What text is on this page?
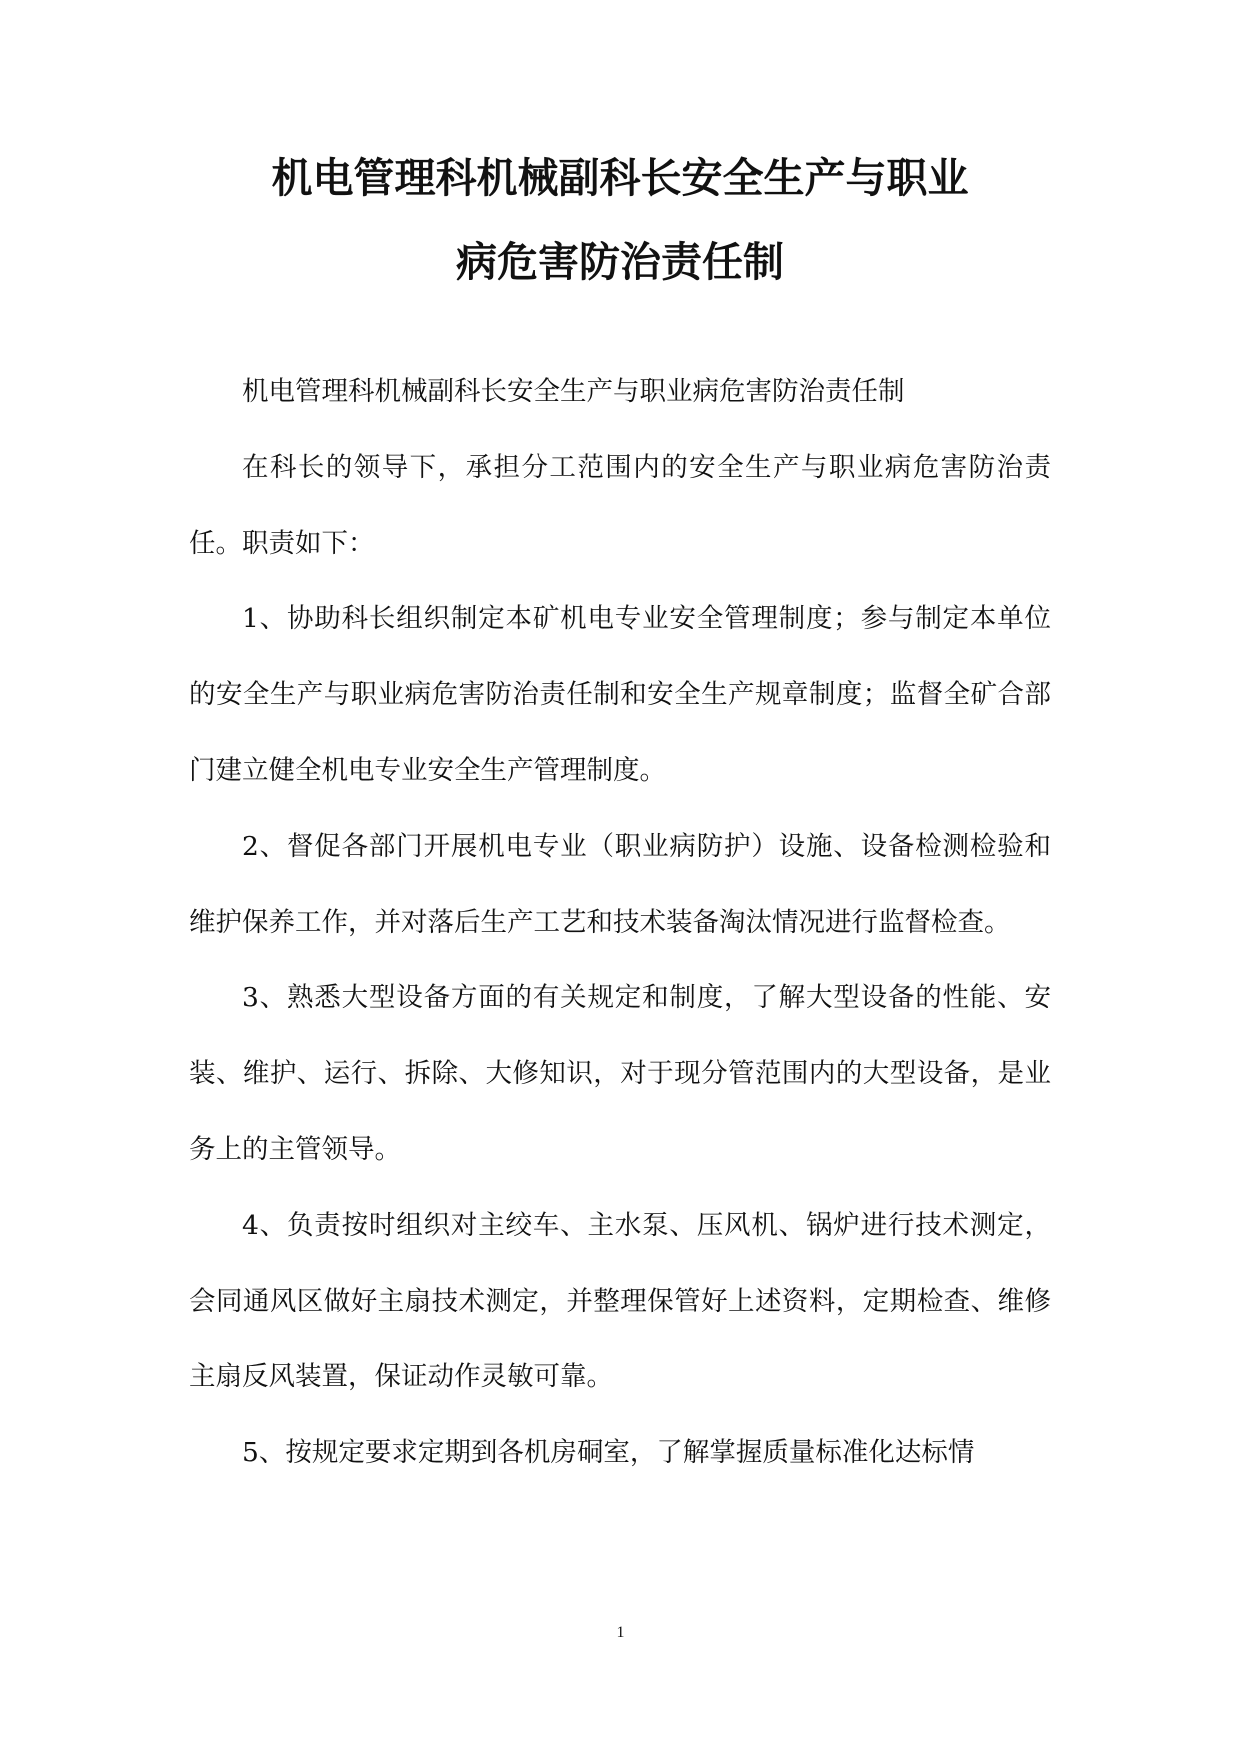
机电管理科机械副科长安全生产与职业
病危害防治责任制

机电管理科机械副科长安全生产与职业病危害防治责任制

在科长的领导下，承担分工范围内的安全生产与职业病危害防治责任。职责如下：

1、协助科长组织制定本矿机电专业安全管理制度；参与制定本单位的安全生产与职业病危害防治责任制和安全生产规章制度；监督全矿合部门建立健全机电专业安全生产管理制度。

2、督促各部门开展机电专业（职业病防护）设施、设备检测检验和维护保养工作，并对落后生产工艺和技术装备淘汰情况进行监督检查。

3、熟悉大型设备方面的有关规定和制度，了解大型设备的性能、安装、维护、运行、拆除、大修知识，对于现分管范围内的大型设备，是业务上的主管领导。

4、负责按时组织对主绞车、主水泵、压风机、锅炉进行技术测定，会同通风区做好主扇技术测定，并整理保管好上述资料，定期检查、维修主扇反风装置，保证动作灵敏可靠。

5、按规定要求定期到各机房硐室，了解掌握质量标准化达标情

1
